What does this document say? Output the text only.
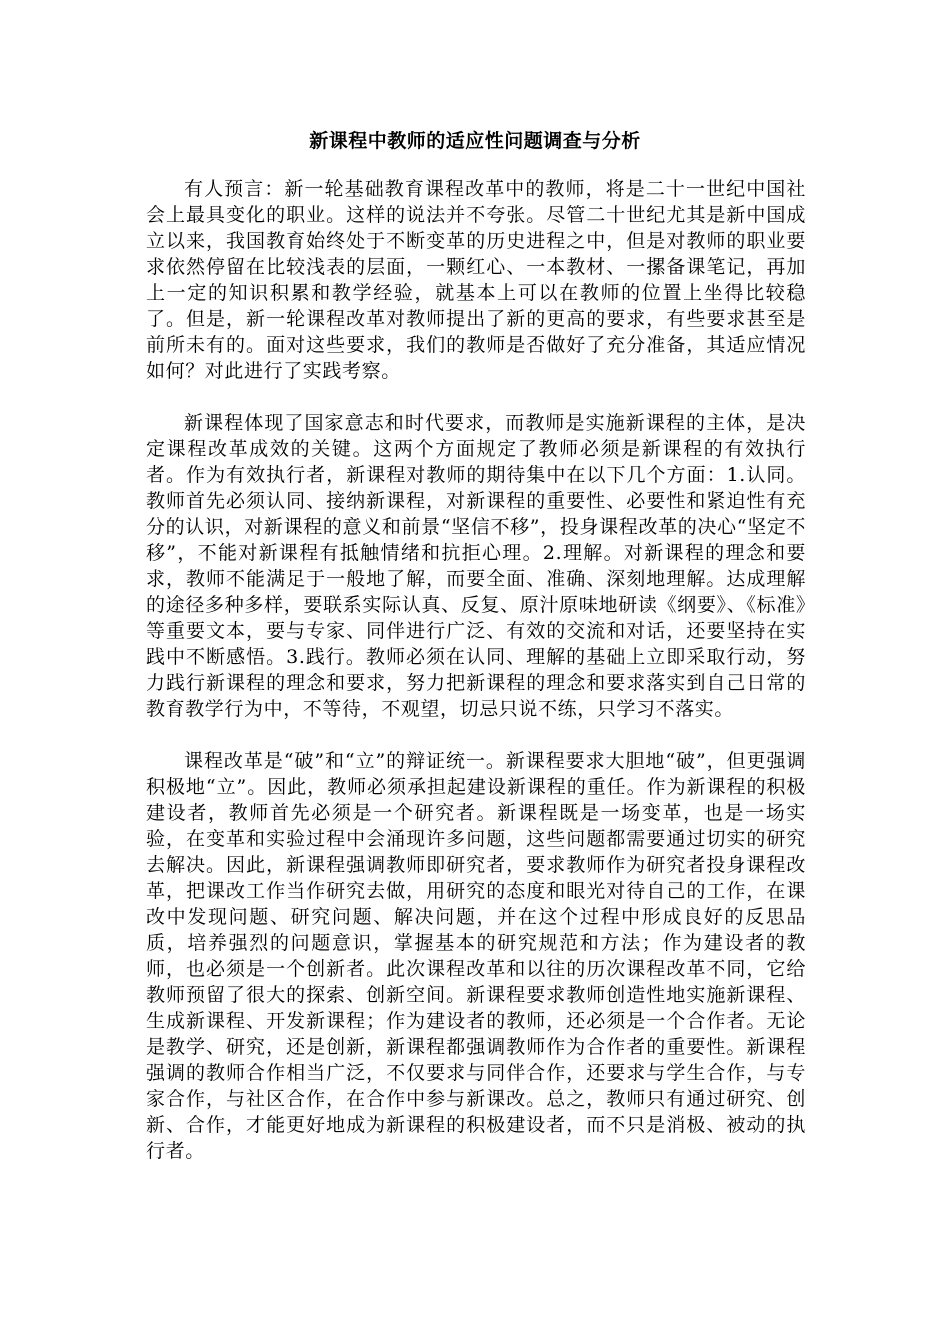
新课程中教师的适应性问题调查与分析

有人预言：新一轮基础教育课程改革中的教师，将是二十一世纪中国社会上最具变化的职业。这样的说法并不夸张。尽管二十世纪尤其是新中国成立以来，我国教育始终处于不断变革的历史进程之中，但是对教师的职业要求依然停留在比较浅表的层面，一颗红心、一本教材、一摞备课笔记，再加上一定的知识积累和教学经验，就基本上可以在教师的位置上坐得比较稳了。但是，新一轮课程改革对教师提出了新的更高的要求，有些要求甚至是前所未有的。面对这些要求，我们的教师是否做好了充分准备，其适应情况如何？对此进行了实践考察。

新课程体现了国家意志和时代要求，而教师是实施新课程的主体，是决定课程改革成效的关键。这两个方面规定了教师必须是新课程的有效执行者。作为有效执行者，新课程对教师的期待集中在以下几个方面：1.认同。教师首先必须认同、接纳新课程，对新课程的重要性、必要性和紧迫性有充分的认识，对新课程的意义和前景“坚信不移”，投身课程改革的决心“坚定不移”，不能对新课程有抵触情绪和抗拒心理。2.理解。对新课程的理念和要求，教师不能满足于一般地了解，而要全面、准确、深刻地理解。达成理解的途径多种多样，要联系实际认真、反复、原汁原味地研读《纲要》、《标准》等重要文本，要与专家、同伴进行广泛、有效的交流和对话，还要坚持在实践中不断感悟。3.践行。教师必须在认同、理解的基础上立即采取行动，努力践行新课程的理念和要求，努力把新课程的理念和要求落实到自己日常的教育教学行为中，不等待，不观望，切忌只说不练，只学习不落实。

课程改革是“破”和“立”的辩证统一。新课程要求大胆地“破”，但更强调积极地“立”。因此，教师必须承担起建设新课程的重任。作为新课程的积极建设者，教师首先必须是一个研究者。新课程既是一场变革，也是一场实验，在变革和实验过程中会涌现许多问题，这些问题都需要通过切实的研究去解决。因此，新课程强调教师即研究者，要求教师作为研究者投身课程改革，把课改工作当作研究去做，用研究的态度和眼光对待自己的工作，在课改中发现问题、研究问题、解决问题，并在这个过程中形成良好的反思品质，培养强烈的问题意识，掌握基本的研究规范和方法；作为建设者的教师，也必须是一个创新者。此次课程改革和以往的历次课程改革不同，它给教师预留了很大的探索、创新空间。新课程要求教师创造性地实施新课程、生成新课程、开发新课程；作为建设者的教师，还必须是一个合作者。无论是教学、研究，还是创新，新课程都强调教师作为合作者的重要性。新课程强调的教师合作相当广泛，不仅要求与同伴合作，还要求与学生合作，与专家合作，与社区合作，在合作中参与新课改。总之，教师只有通过研究、创新、合作，才能更好地成为新课程的积极建设者，而不只是消极、被动的执行者。
